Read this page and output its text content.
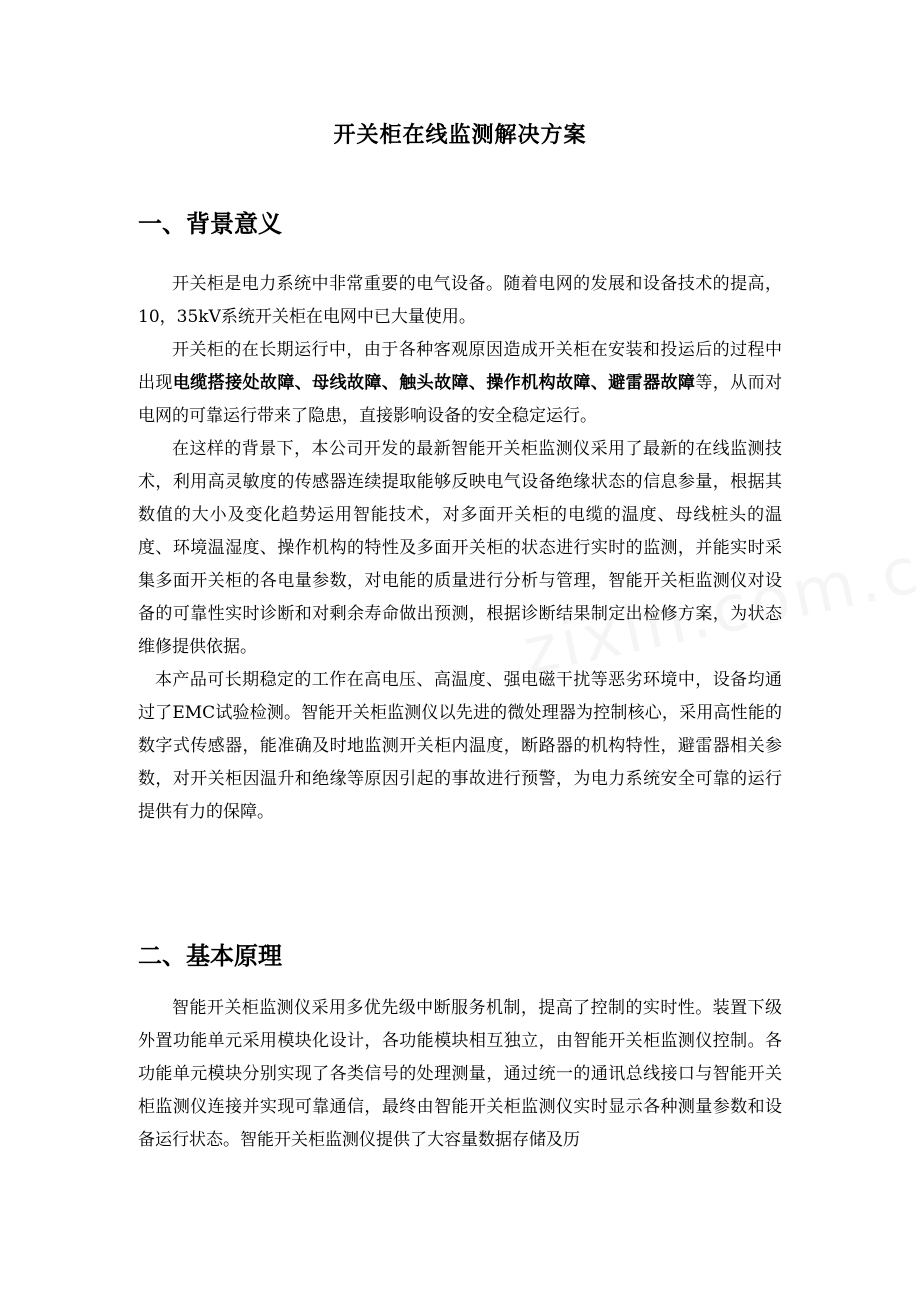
开关柜在线监测解决方案
一、背景意义

开关柜是电力系统中非常重要的电气设备。随着电网的发展和设备技术的提高，10，35kV系统开关柜在电网中已大量使用。

开关柜的在长期运行中，由于各种客观原因造成开关柜在安装和投运后的过程中出现电缆搭接处故障、母线故障、触头故障、操作机构故障、避雷器故障等，从而对电网的可靠运行带来了隐患，直接影响设备的安全稳定运行。

在这样的背景下，本公司开发的最新智能开关柜监测仪采用了最新的在线监测技术，利用高灵敏度的传感器连续提取能够反映电气设备绝缘状态的信息参量，根据其数值的大小及变化趋势运用智能技术，对多面开关柜的电缆的温度、母线桩头的温度、环境温湿度、操作机构的特性及多面开关柜的状态进行实时的监测，并能实时采集多面开关柜的各电量参数，对电能的质量进行分析与管理，智能开关柜监测仪对设备的可靠性实时诊断和对剩余寿命做出预测，根据诊断结果制定出检修方案，为状态维修提供依据。

本产品可长期稳定的工作在高电压、高温度、强电磁干扰等恶劣环境中，设备均通过了EMC试验检测。智能开关柜监测仪以先进的微处理器为控制核心，采用高性能的数字式传感器，能准确及时地监测开关柜内温度，断路器的机构特性，避雷器相关参数，对开关柜因温升和绝缘等原因引起的事故进行预警，为电力系统安全可靠的运行提供有力的保障。

二、基本原理

智能开关柜监测仪采用多优先级中断服务机制，提高了控制的实时性。装置下级外置功能单元采用模块化设计，各功能模块相互独立，由智能开关柜监测仪控制。各功能单元模块分别实现了各类信号的处理测量，通过统一的通讯总线接口与智能开关柜监测仪连接并实现可靠通信，最终由智能开关柜监测仪实时显示各种测量参数和设备运行状态。智能开关柜监测仪提供了大容量数据存储及历
